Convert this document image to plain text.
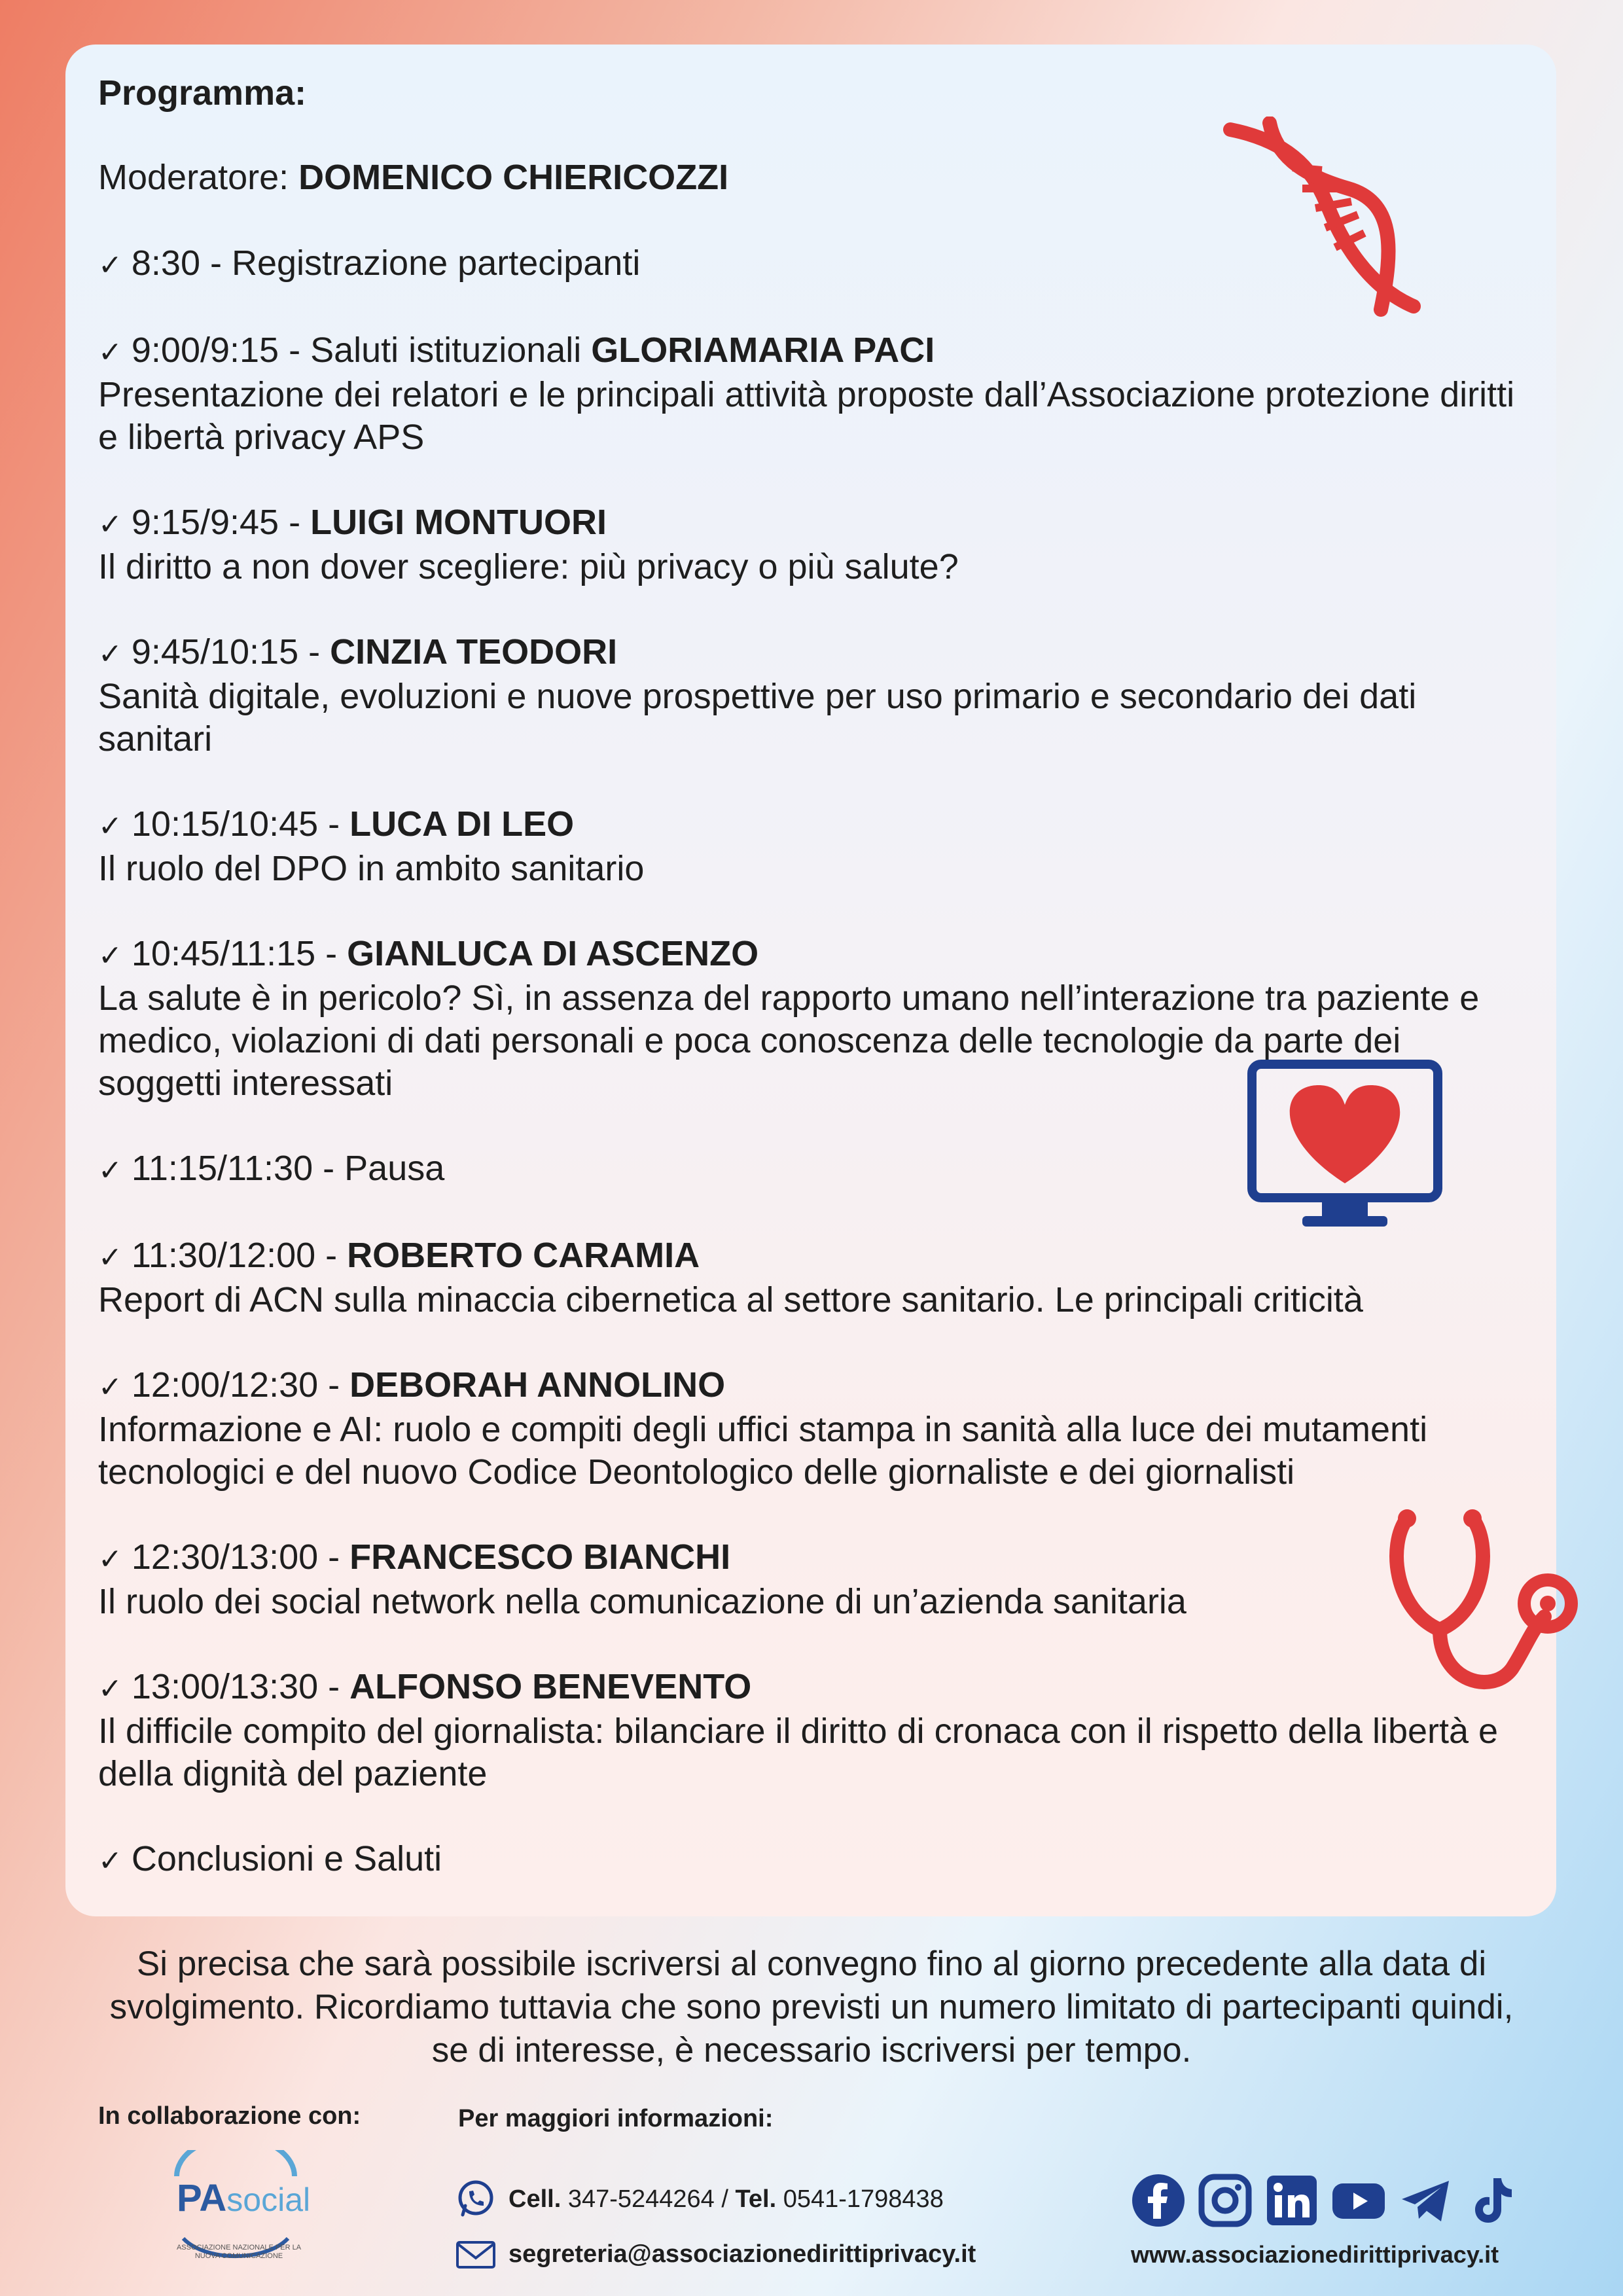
Programma:

Moderatore: DOMENICO CHIERICOZZI

✓ 8:30 - Registrazione partecipanti
✓ 9:00/9:15 - Saluti istituzionali GLORIAMARIA PACI
Presentazione dei relatori e le principali attività proposte dall’Associazione protezione diritti e libertà privacy APS
✓ 9:15/9:45 - LUIGI MONTUORI
Il diritto a non dover scegliere: più privacy o più salute?
✓ 9:45/10:15 - CINZIA TEODORI
Sanità digitale, evoluzioni e nuove prospettive per uso primario e secondario dei dati sanitari
✓ 10:15/10:45 - LUCA DI LEO
Il ruolo del DPO in ambito sanitario
✓ 10:45/11:15 - GIANLUCA DI ASCENZO
La salute è in pericolo? Sì, in assenza del rapporto umano nell’interazione tra paziente e medico, violazioni di dati personali e poca conoscenza delle tecnologie da parte dei soggetti interessati
✓ 11:15/11:30 - Pausa
✓ 11:30/12:00 - ROBERTO CARAMIA
Report di ACN sulla minaccia cibernetica al settore sanitario. Le principali criticità
✓ 12:00/12:30 - DEBORAH ANNOLINO
Informazione e AI: ruolo e compiti degli uffici stampa in sanità alla luce dei mutamenti tecnologici e del nuovo Codice Deontologico delle giornaliste e dei giornalisti
✓ 12:30/13:00 - FRANCESCO BIANCHI
Il ruolo dei social network nella comunicazione di un’azienda sanitaria
✓ 13:00/13:30 - ALFONSO BENEVENTO
Il difficile compito del giornalista: bilanciare il diritto di cronaca con il rispetto della libertà e della dignità del paziente
✓ Conclusioni e Saluti
Si precisa che sarà possibile iscriversi al convegno fino al giorno precedente alla data di svolgimento. Ricordiamo tuttavia che sono previsti un numero limitato di partecipanti quindi, se di interesse, è necessario iscriversi per tempo.
In collaborazione con:	Per maggiori informazioni:
PAsocial
ASSOCIAZIONE NAZIONALE PER LA NUOVA COMUNICAZIONE
Cell. 347-5244264 / Tel. 0541-1798438
segreteria@associazionedirittiprivacy.it	www.associazionedirittiprivacy.it
